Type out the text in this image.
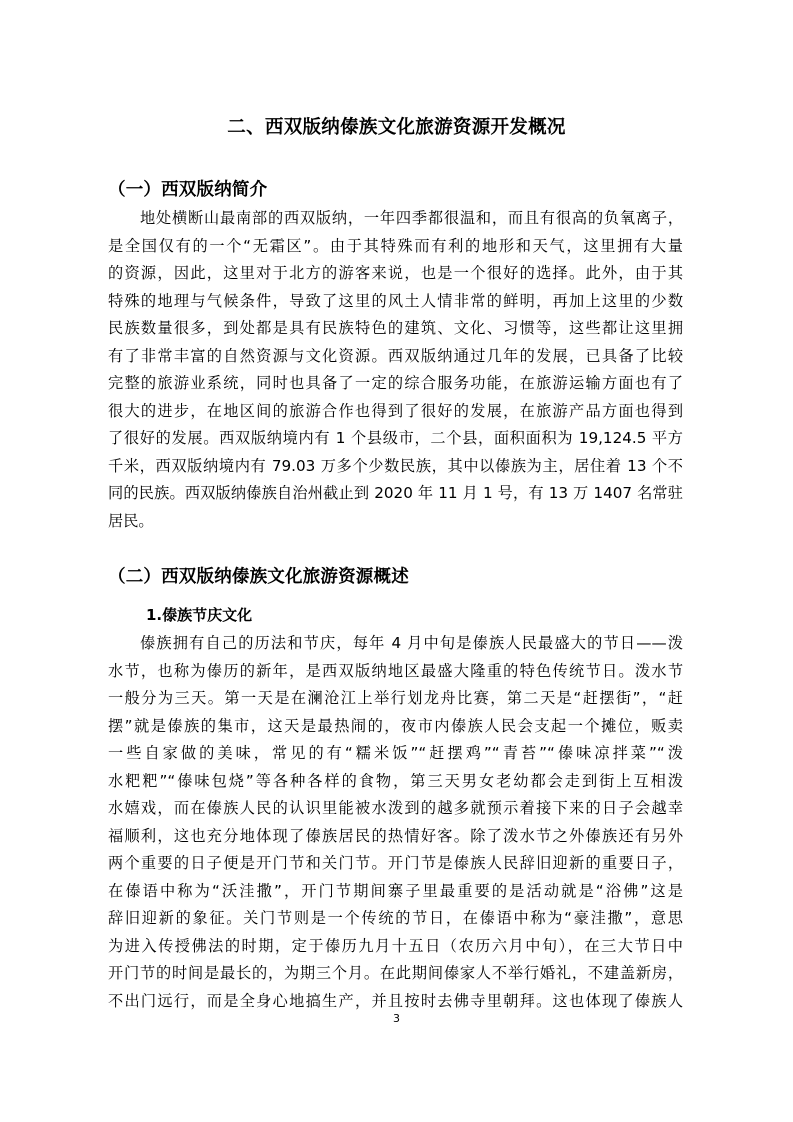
二、西双版纳傣族文化旅游资源开发概况
（一）西双版纳简介
地处横断山最南部的西双版纳，一年四季都很温和，而且有很高的负氧离子，
是全国仅有的一个“无霜区”。由于其特殊而有利的地形和天气，这里拥有大量
的资源，因此，这里对于北方的游客来说，也是一个很好的选择。此外，由于其
特殊的地理与气候条件，导致了这里的风土人情非常的鲜明，再加上这里的少数
民族数量很多，到处都是具有民族特色的建筑、文化、习惯等，这些都让这里拥
有了非常丰富的自然资源与文化资源。西双版纳通过几年的发展，已具备了比较
完整的旅游业系统，同时也具备了一定的综合服务功能，在旅游运输方面也有了
很大的进步，在地区间的旅游合作也得到了很好的发展，在旅游产品方面也得到
了很好的发展。西双版纳境内有 1 个县级市，二个县，面积面积为 19,124.5 平方
千米，西双版纳境内有 79.03 万多个少数民族，其中以傣族为主，居住着 13 个不
同的民族。西双版纳傣族自治州截止到 2020 年 11 月 1 号，有 13 万 1407 名常驻
居民。
（二）西双版纳傣族文化旅游资源概述
1.傣族节庆文化
傣族拥有自己的历法和节庆，每年 4 月中旬是傣族人民最盛大的节日——泼
水节，也称为傣历的新年，是西双版纳地区最盛大隆重的特色传统节日。泼水节
一般分为三天。第一天是在澜沧江上举行划龙舟比赛，第二天是“赶摆街”，“赶
摆”就是傣族的集市，这天是最热闹的，夜市内傣族人民会支起一个摊位，贩卖
一些自家做的美味，常见的有“糯米饭”“赶摆鸡”“青苔”“傣味凉拌菜”“泼
水粑粑”“傣味包烧”等各种各样的食物，第三天男女老幼都会走到街上互相泼
水嬉戏，而在傣族人民的认识里能被水泼到的越多就预示着接下来的日子会越幸
福顺利，这也充分地体现了傣族居民的热情好客。除了泼水节之外傣族还有另外
两个重要的日子便是开门节和关门节。开门节是傣族人民辞旧迎新的重要日子，
在傣语中称为“沃洼撒”，开门节期间寨子里最重要的是活动就是“浴佛”这是
辞旧迎新的象征。关门节则是一个传统的节日，在傣语中称为“豪洼撒”，意思
为进入传授佛法的时期，定于傣历九月十五日（农历六月中旬），在三大节日中
开门节的时间是最长的，为期三个月。在此期间傣家人不举行婚礼，不建盖新房，
不出门远行，而是全身心地搞生产，并且按时去佛寺里朝拜。这也体现了傣族人

3
